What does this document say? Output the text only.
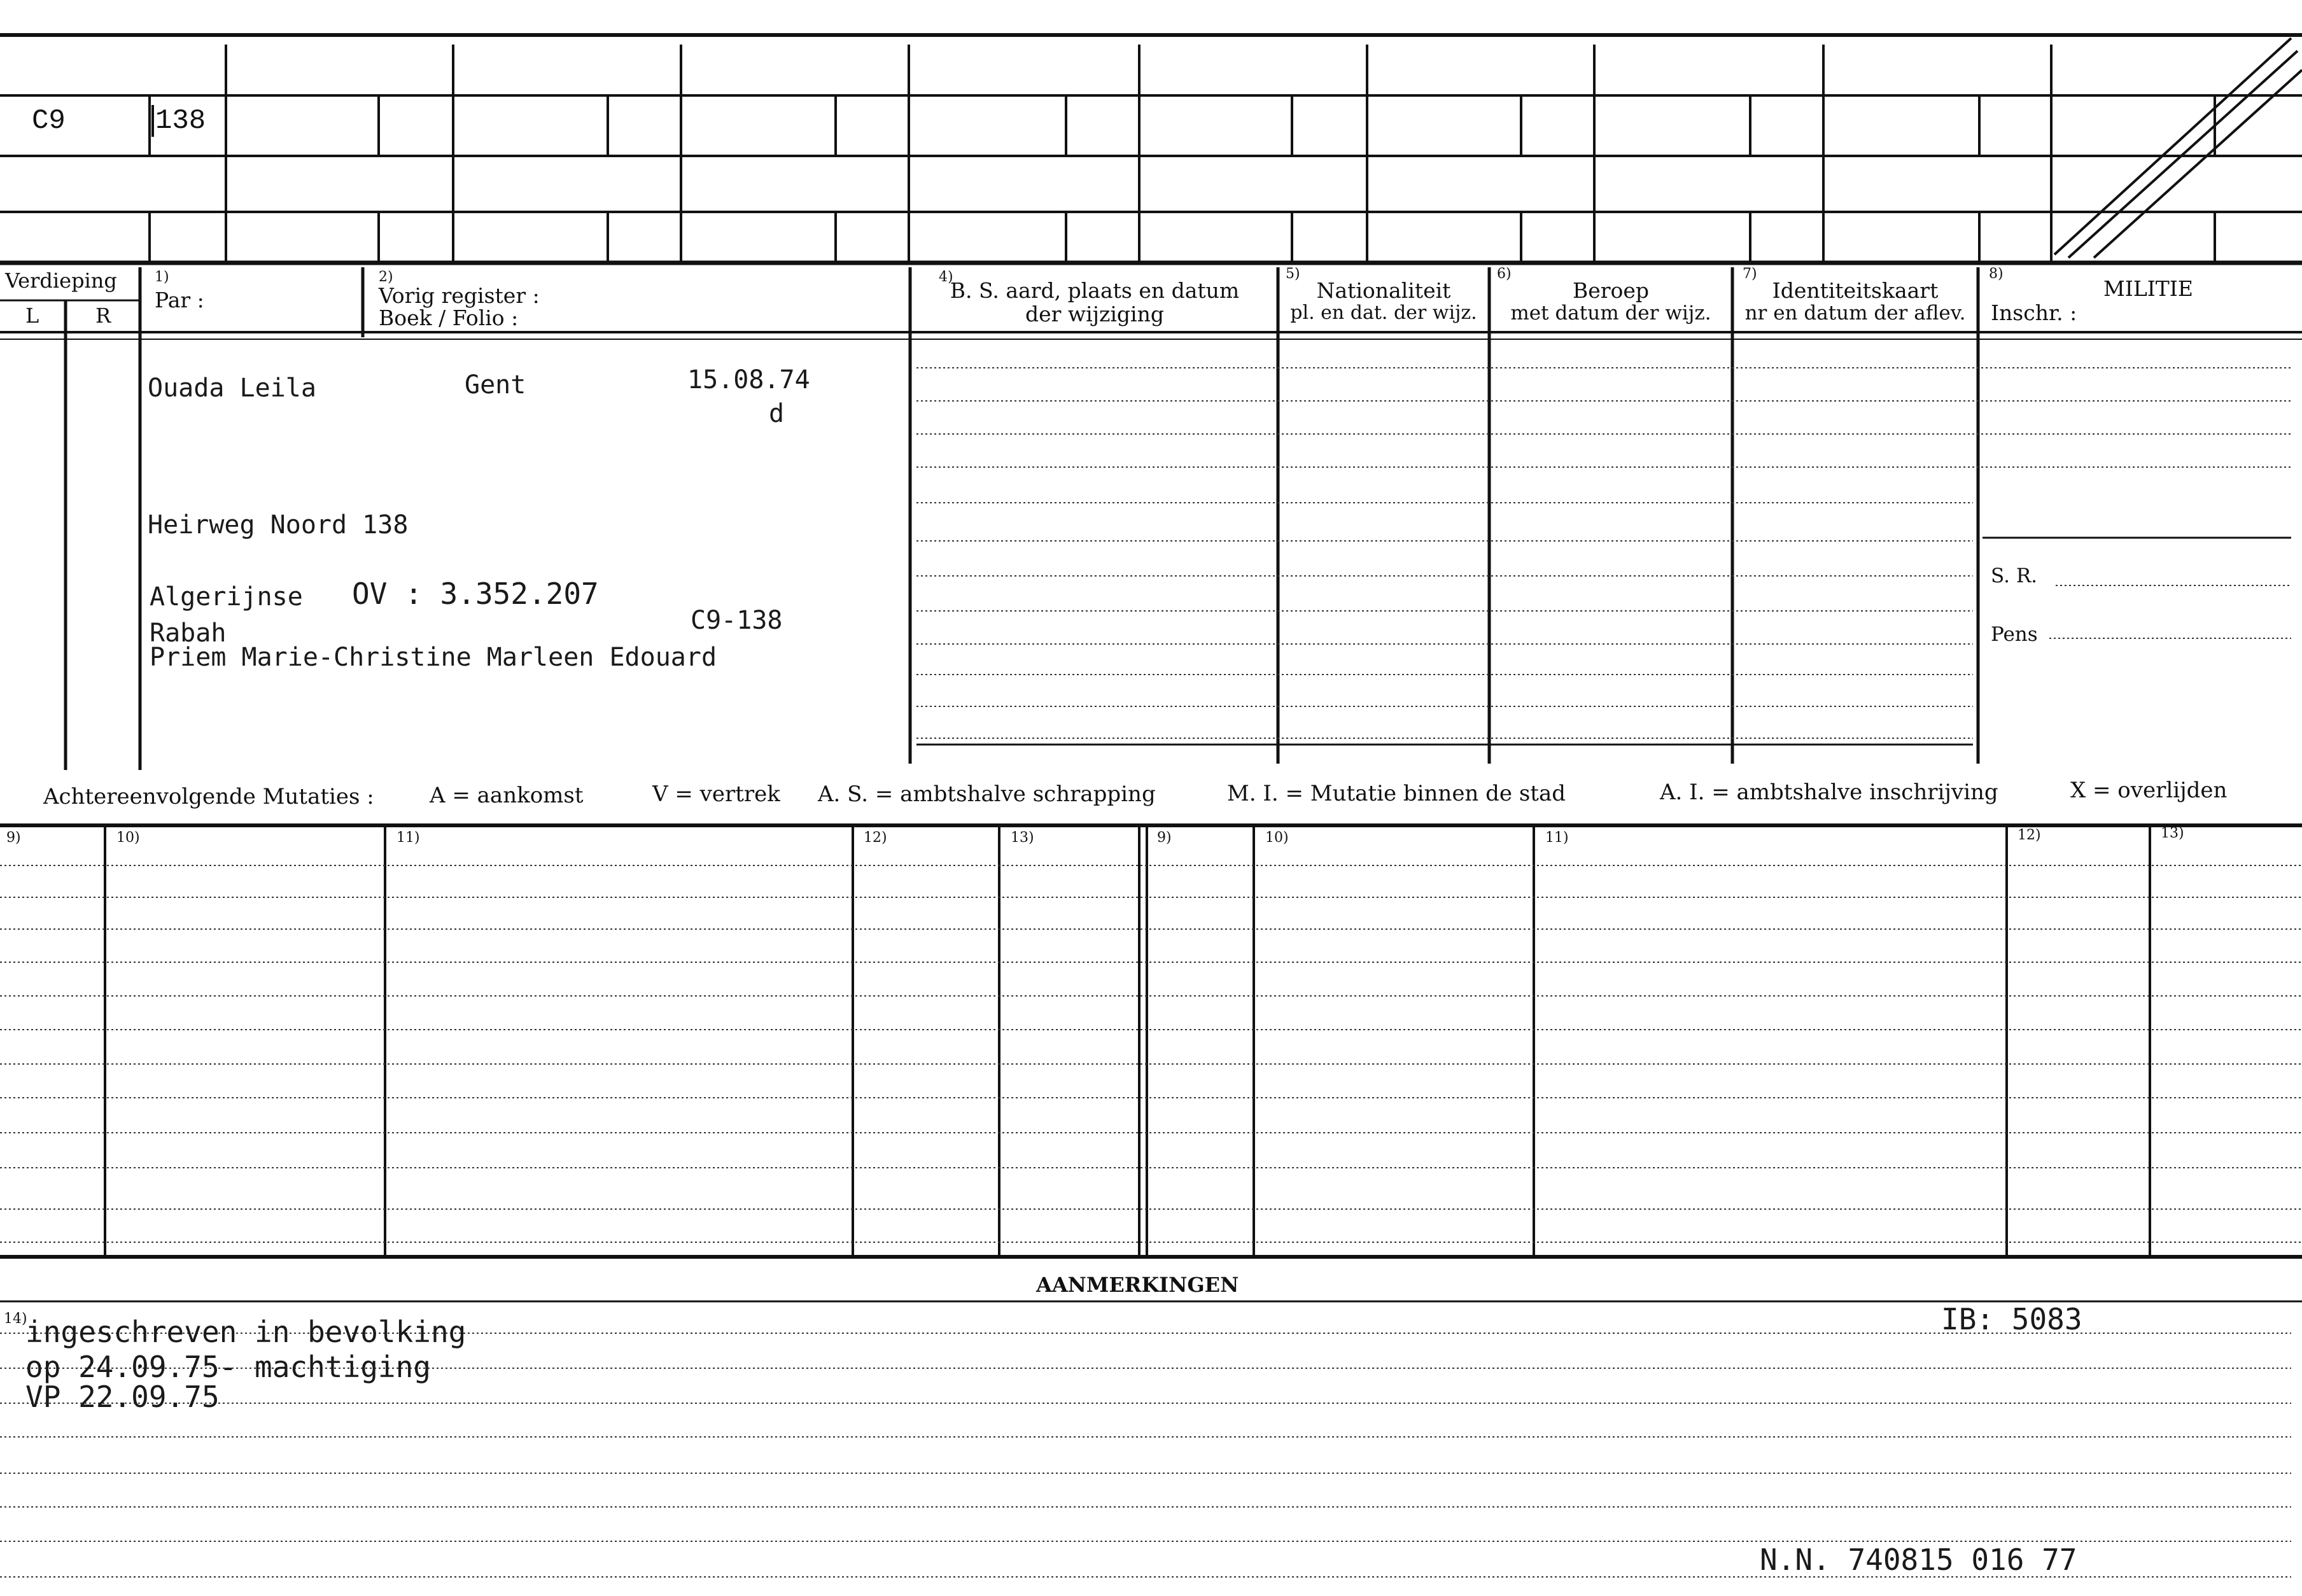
C9	138
Verdieping
L	R
1)
Par :
2)
Vorig register :
Boek / Folio :
4)
B. S. aard, plaats en datum
der wijziging
5)
Nationaliteit
pl. en dat. der wijz.
6)
Beroep
met datum der wijz.
7)
Identiteitskaart
nr en datum der aflev.
8)
MILITIE
Inschr. :
Ouada Leila	Gent	15.08.74
d
Heirweg Noord 138
Algerijnse OV : 3.352.207
Rabah	C9-138
Priem Marie-Christine Marleen Edouard
S. R.
Pens
Achtereenvolgende Mutaties :	A = aankomst	V = vertrek A. S. = ambtshalve schrapping	M. I. = Mutatie binnen de stad	A. I. = ambtshalve inschrijving	X = overlijden
9)	10)	11)	12)	13)	9)	10)	11)	12)	13)
AANMERKINGEN
14)
ingeschreven in bevolking
op 24.09.75- machtiging
VP 22.09.75
IB: 5083
N.N. 740815 016 77
